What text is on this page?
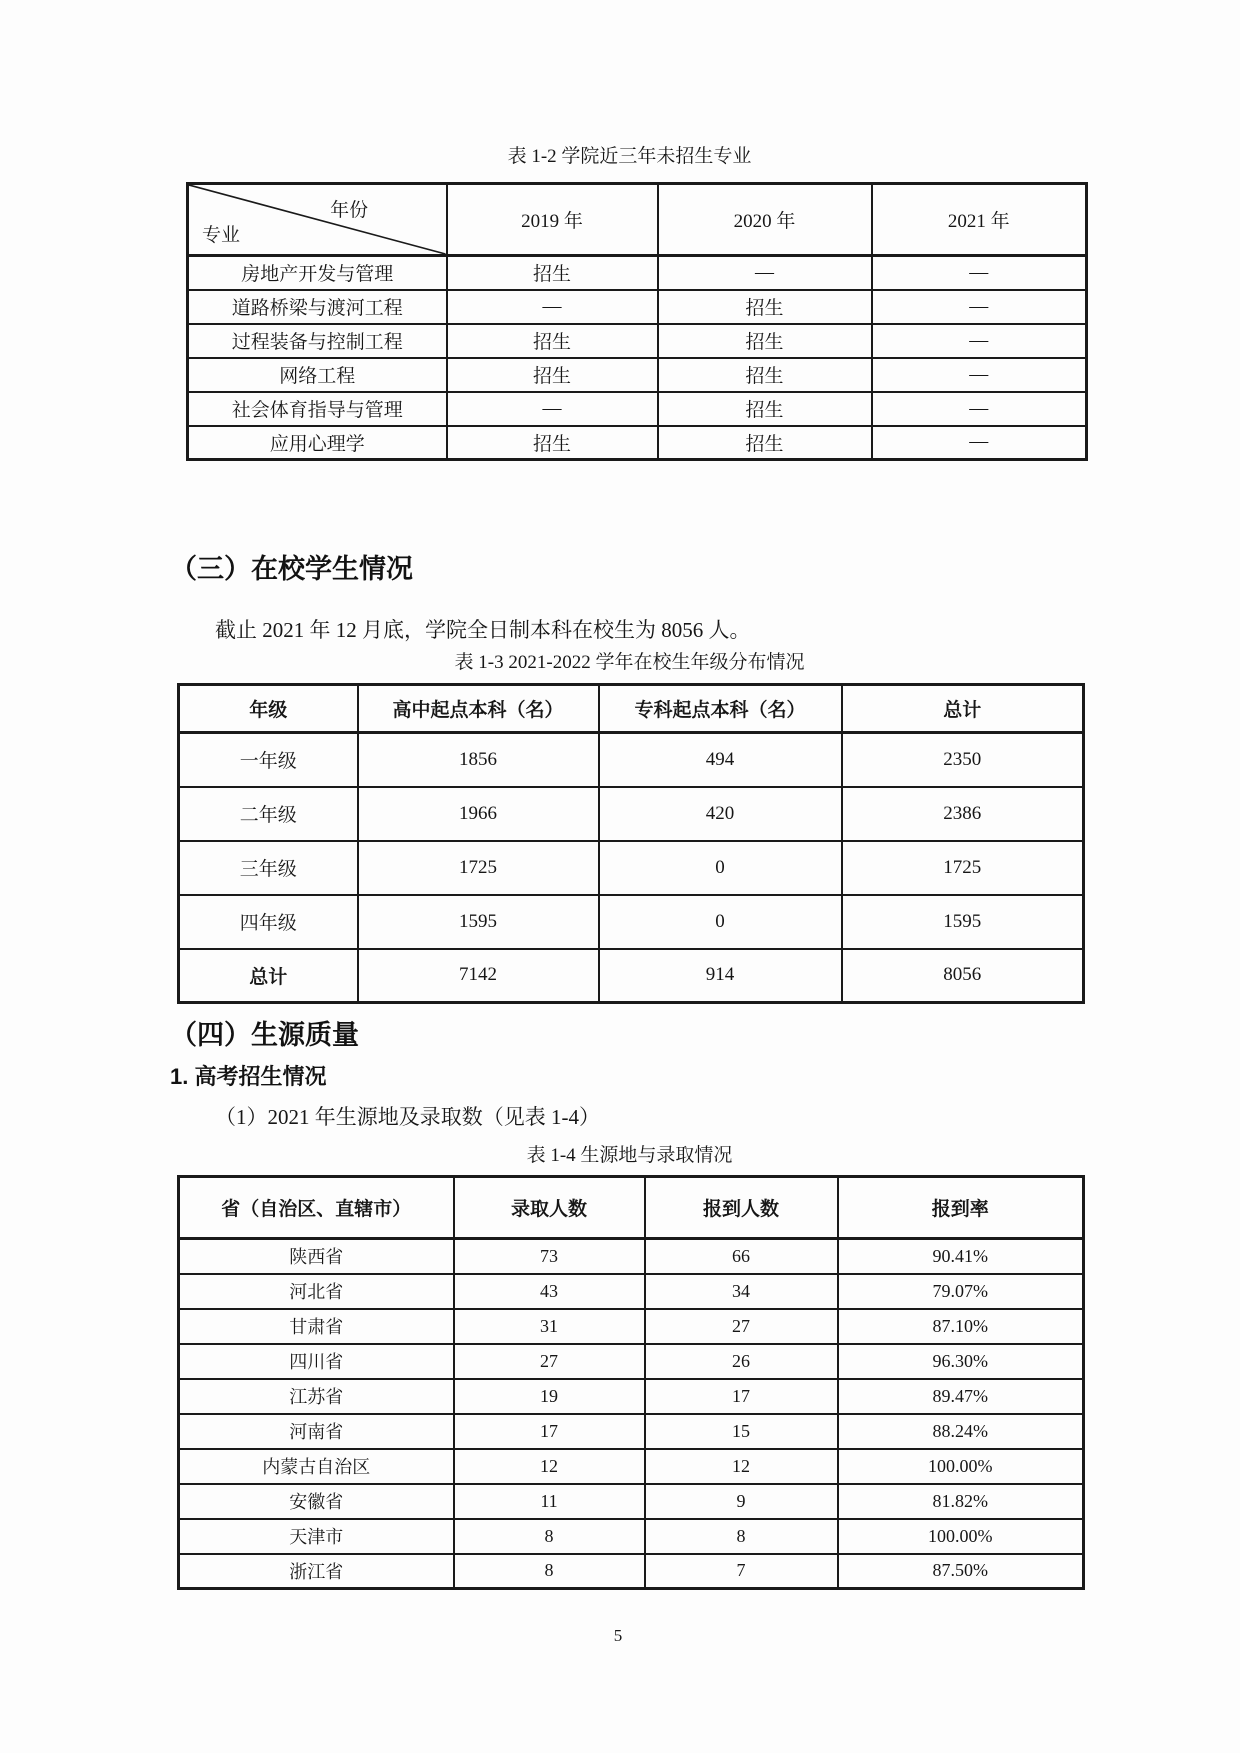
表 1-2 学院近三年未招生专业
年份
专业	2019 年	2020 年	2021 年
房地产开发与管理	招生	—	—
道路桥梁与渡河工程	—	招生	—
过程装备与控制工程	招生	招生	—
网络工程	招生	招生	—
社会体育指导与管理	—	招生	—
应用心理学	招生	招生	—
（三）在校学生情况
截止 2021 年 12 月底，学院全日制本科在校生为 8056 人。
表 1-3 2021-2022 学年在校生年级分布情况
年级	高中起点本科（名）	专科起点本科（名）	总计
一年级	1856	494	2350
二年级	1966	420	2386
三年级	1725	0	1725
四年级	1595	0	1595
总计	7142	914	8056
（四）生源质量
1. 高考招生情况
（1）2021 年生源地及录取数（见表 1-4）
表 1-4 生源地与录取情况
省（自治区、直辖市）	录取人数	报到人数	报到率
陕西省	73	66	90.41%
河北省	43	34	79.07%
甘肃省	31	27	87.10%
四川省	27	26	96.30%
江苏省	19	17	89.47%
河南省	17	15	88.24%
内蒙古自治区	12	12	100.00%
安徽省	11	9	81.82%
天津市	8	8	100.00%
浙江省	8	7	87.50%
5
